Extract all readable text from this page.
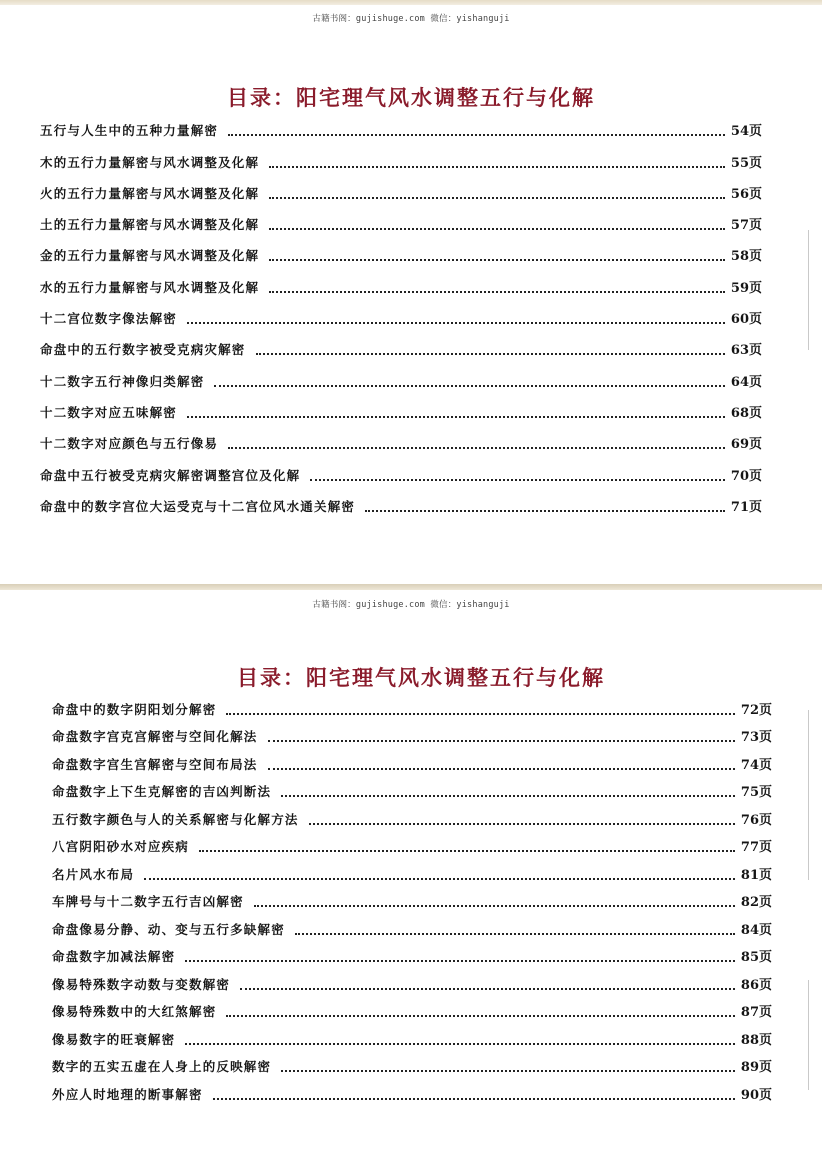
古籍书阁：gujishuge.com 微信：yishanguji
目录：阳宅理气风水调整五行与化解
五行与人生中的五种力量解密	54页
木的五行力量解密与风水调整及化解	55页
火的五行力量解密与风水调整及化解	56页
土的五行力量解密与风水调整及化解	57页
金的五行力量解密与风水调整及化解	58页
水的五行力量解密与风水调整及化解	59页
十二宫位数字像法解密	60页
命盘中的五行数字被受克病灾解密	63页
十二数字五行神像归类解密	64页
十二数字对应五味解密	68页
十二数字对应颜色与五行像易	69页
命盘中五行被受克病灾解密调整宫位及化解	70页
命盘中的数字宫位大运受克与十二宫位风水通关解密	71页
古籍书阁：gujishuge.com 微信：yishanguji
目录：阳宅理气风水调整五行与化解
命盘中的数字阴阳划分解密	72页
命盘数字宫克宫解密与空间化解法	73页
命盘数字宫生宫解密与空间布局法	74页
命盘数字上下生克解密的吉凶判断法	75页
五行数字颜色与人的关系解密与化解方法	76页
八宫阴阳砂水对应疾病	77页
名片风水布局	81页
车牌号与十二数字五行吉凶解密	82页
命盘像易分静、动、变与五行多缺解密	84页
命盘数字加减法解密	85页
像易特殊数字动数与变数解密	86页
像易特殊数中的大红煞解密	87页
像易数字的旺衰解密	88页
数字的五实五虚在人身上的反映解密	89页
外应人时地理的断事解密	90页
